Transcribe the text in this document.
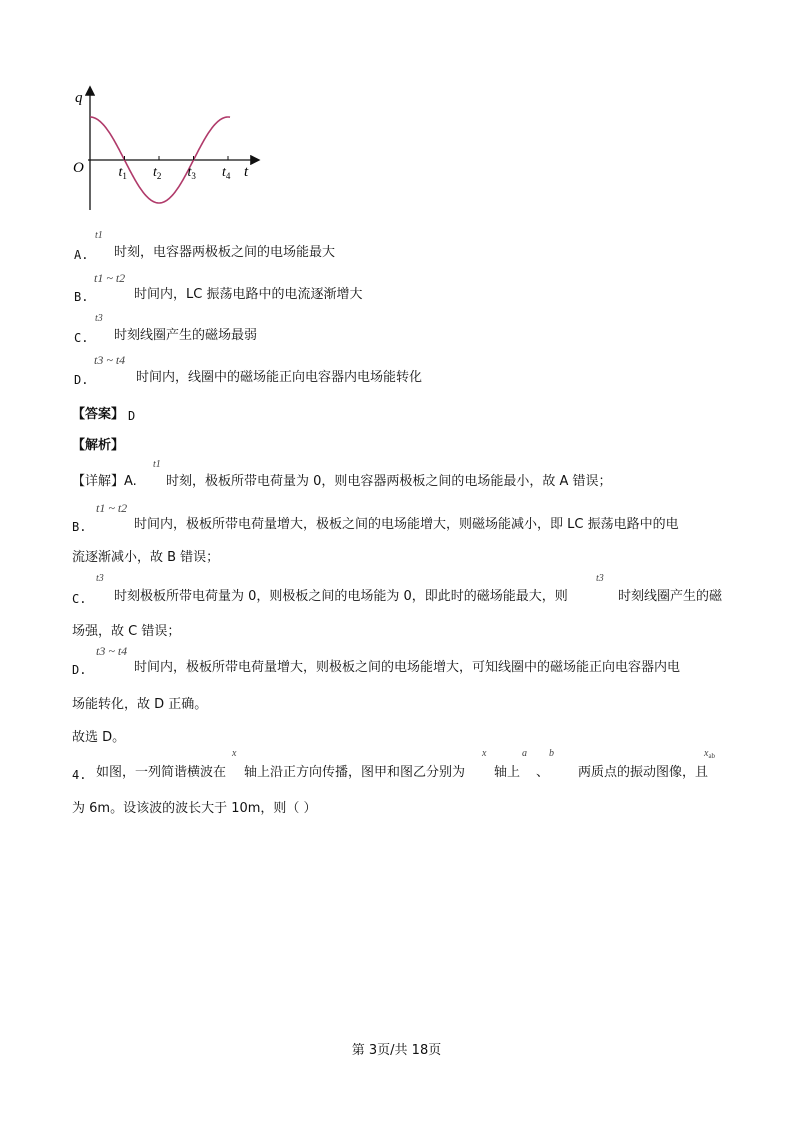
q
t
O $t_1$ $t_2$ $t_3$ $t_4$
t1
A. 时刻，电容器两极板之间的电场能最大
t1 ~ t2
B.	时间内，LC 振荡电路中的电流逐渐增大
t3
C. 时刻线圈产生的磁场最弱
t3 ~ t4
D.	时间内，线圈中的磁场能正向电容器内电场能转化
【答案】 D
【解析】
t1
【详解】A. 时刻，极板所带电荷量为 0，则电容器两极板之间的电场能最小，故 A 错误；
t1 ~ t2
B.	时间内，极板所带电荷量增大，极板之间的电场能增大，则磁场能减小，即 LC 振荡电路中的电
流逐渐减小，故 B 错误；
t3
C. 时刻极板所带电荷量为 0，则极板之间的电场能为 0，即此时的磁场能最大，则
t3
时刻线圈产生的磁
场强，故 C 错误；
t3 ~ t4
D.	时间内，极板所带电荷量增大，则极板之间的电场能增大，可知线圈中的磁场能正向电容器内电
场能转化，故 D 正确。
故选 D。
x	x	a b	$x_{ab}$
4. 如图，一列简谐横波在 轴上沿正方向传播，图甲和图乙分别为 轴上 、 两质点的振动图像，且
为 6m。设该波的波长大于 10m，则（ ）
第 3页/共 18页
